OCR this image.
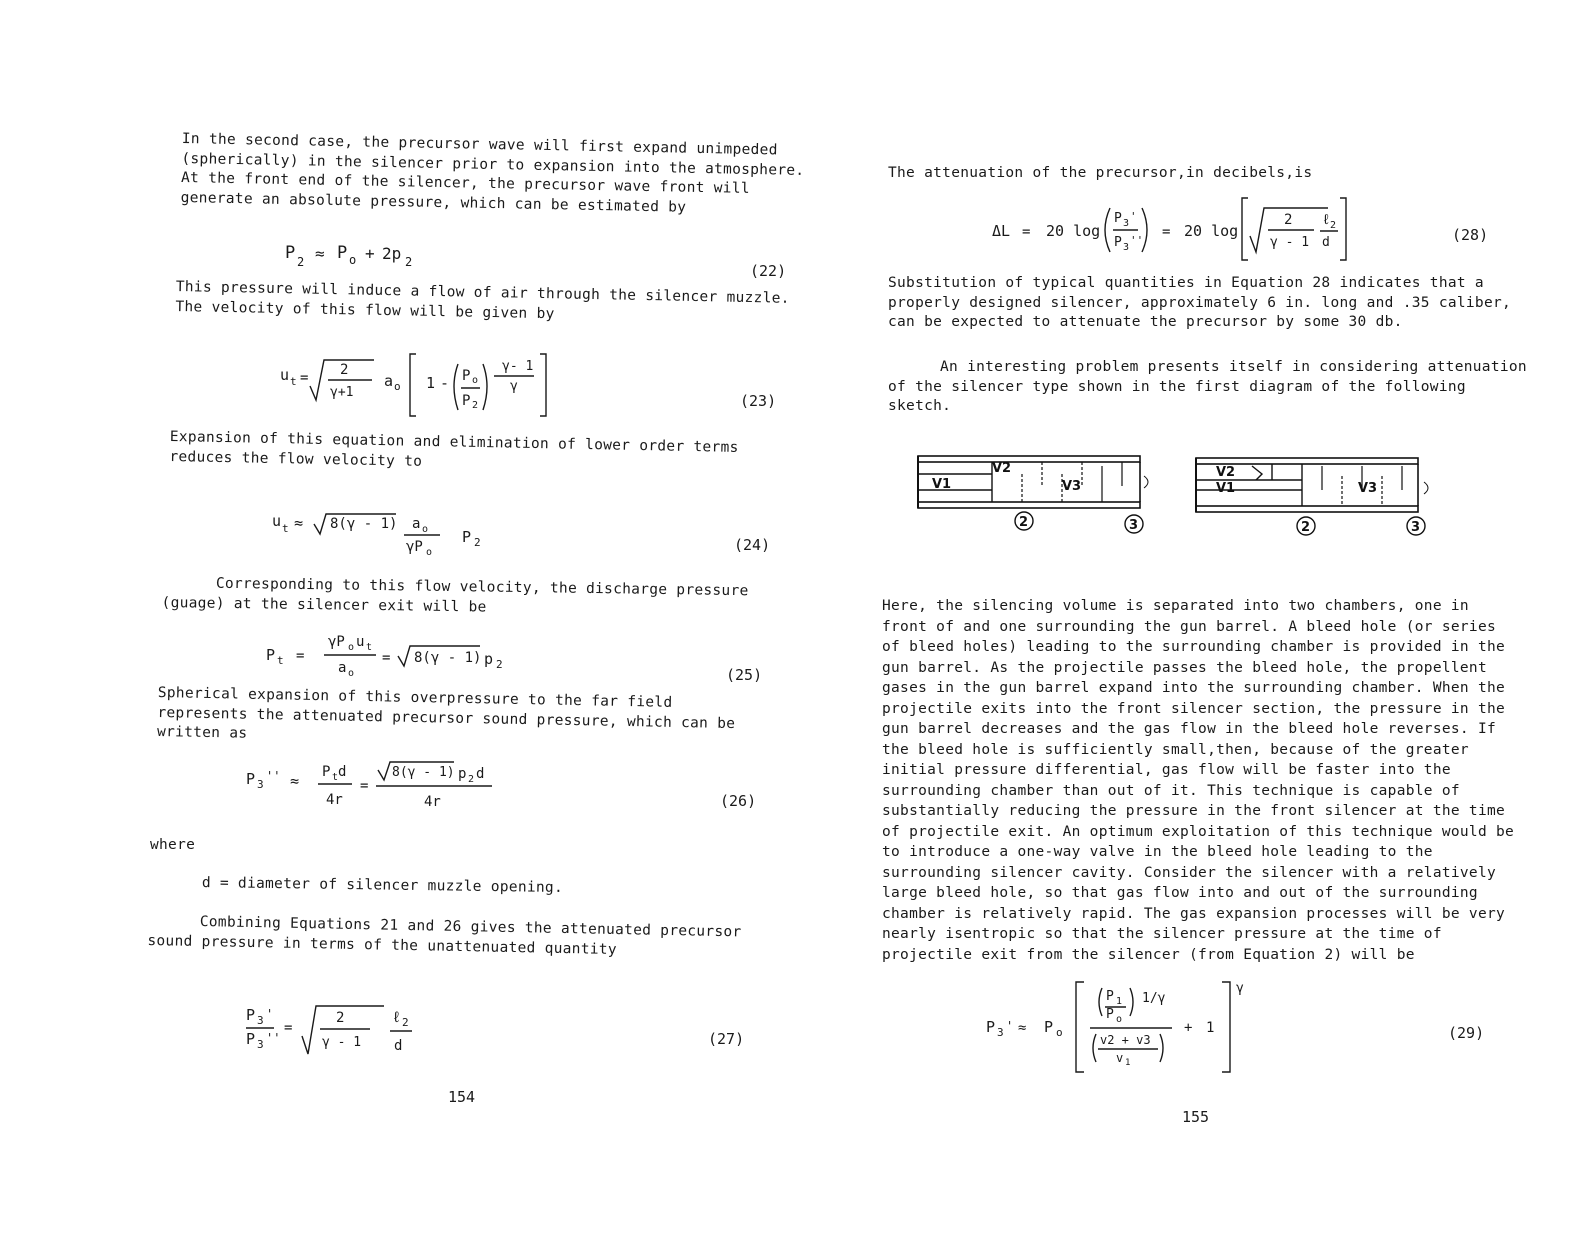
In the second case, the precursor wave will first expand unimpeded (spherically) in the silencer prior to expansion into the atmosphere. At the front end of the silencer, the precursor wave front will generate an absolute pressure, which can be estimated by
P 2 ≈ P o + 2p 2	(22)
This pressure will induce a flow of air through the silencer muzzle. The velocity of this flow will be given by
u t = 2
γ+1
a o 1 - P o
P 2
γ- 1
γ
(23)
Expansion of this equation and elimination of lower order terms reduces the flow velocity to
u t ≈ 8(γ - 1) a o
γP o
P 2	(24)
Corresponding to this flow velocity, the discharge pressure (guage) at the silencer exit will be
P t =
γP o u t
a o
= 8(γ - 1) p 2
(25)
Spherical expansion of this overpressure to the far field represents the attenuated precursor sound pressure, which can be written as
P 3
'' ≈ P t d
4r
=
8(γ - 1) p 2 d
4r	(26)
where
d = diameter of silencer muzzle opening.
Combining Equations 21 and 26 gives the attenuated precursor sound pressure in terms of the unattenuated quantity
P 3 '
P 3 ''
=
2
γ - 1
ℓ 2
d	(27)
154
The attenuation of the precursor,in decibels,is
ΔL = 20 log
P 3
'
P 3
''
= 20 log
2
γ - 1
ℓ 2
d	(28)
Substitution of typical quantities in Equation 28 indicates that a properly designed silencer, approximately 6 in. long and .35 caliber, can be expected to attenuate the precursor by some 30 db.
An interesting problem presents itself in considering attenuation of the silencer type shown in the first diagram of the following sketch.
V2
V1	V3
2	3
V2
V1	V3
2	3
Here, the silencing volume is separated into two chambers, one in front of and one surrounding the gun barrel. A bleed hole (or series of bleed holes) leading to the surrounding chamber is provided in the gun barrel. As the projectile passes the bleed hole, the propellent gases in the gun barrel expand into the surrounding chamber. When the projectile exits into the front silencer section, the pressure in the gun barrel decreases and the gas flow in the bleed hole reverses. If the bleed hole is sufficiently small,then, because of the greater initial pressure differential, gas flow will be faster into the surrounding chamber than out of it. This technique is capable of substantially reducing the pressure in the front silencer at the time of projectile exit. An optimum exploitation of this technique would be to introduce a one-way valve in the bleed hole leading to the surrounding silencer cavity. Consider the silencer with a relatively large bleed hole, so that gas flow into and out of the surrounding chamber is relatively rapid. The gas expansion processes will be very nearly isentropic so that the silencer pressure at the time of projectile exit from the silencer (from Equation 2) will be
P 3 ' ≈ P o
P 1
P o
1/γ
v2 + v3
v 1
+ 1
γ
(29)
155
